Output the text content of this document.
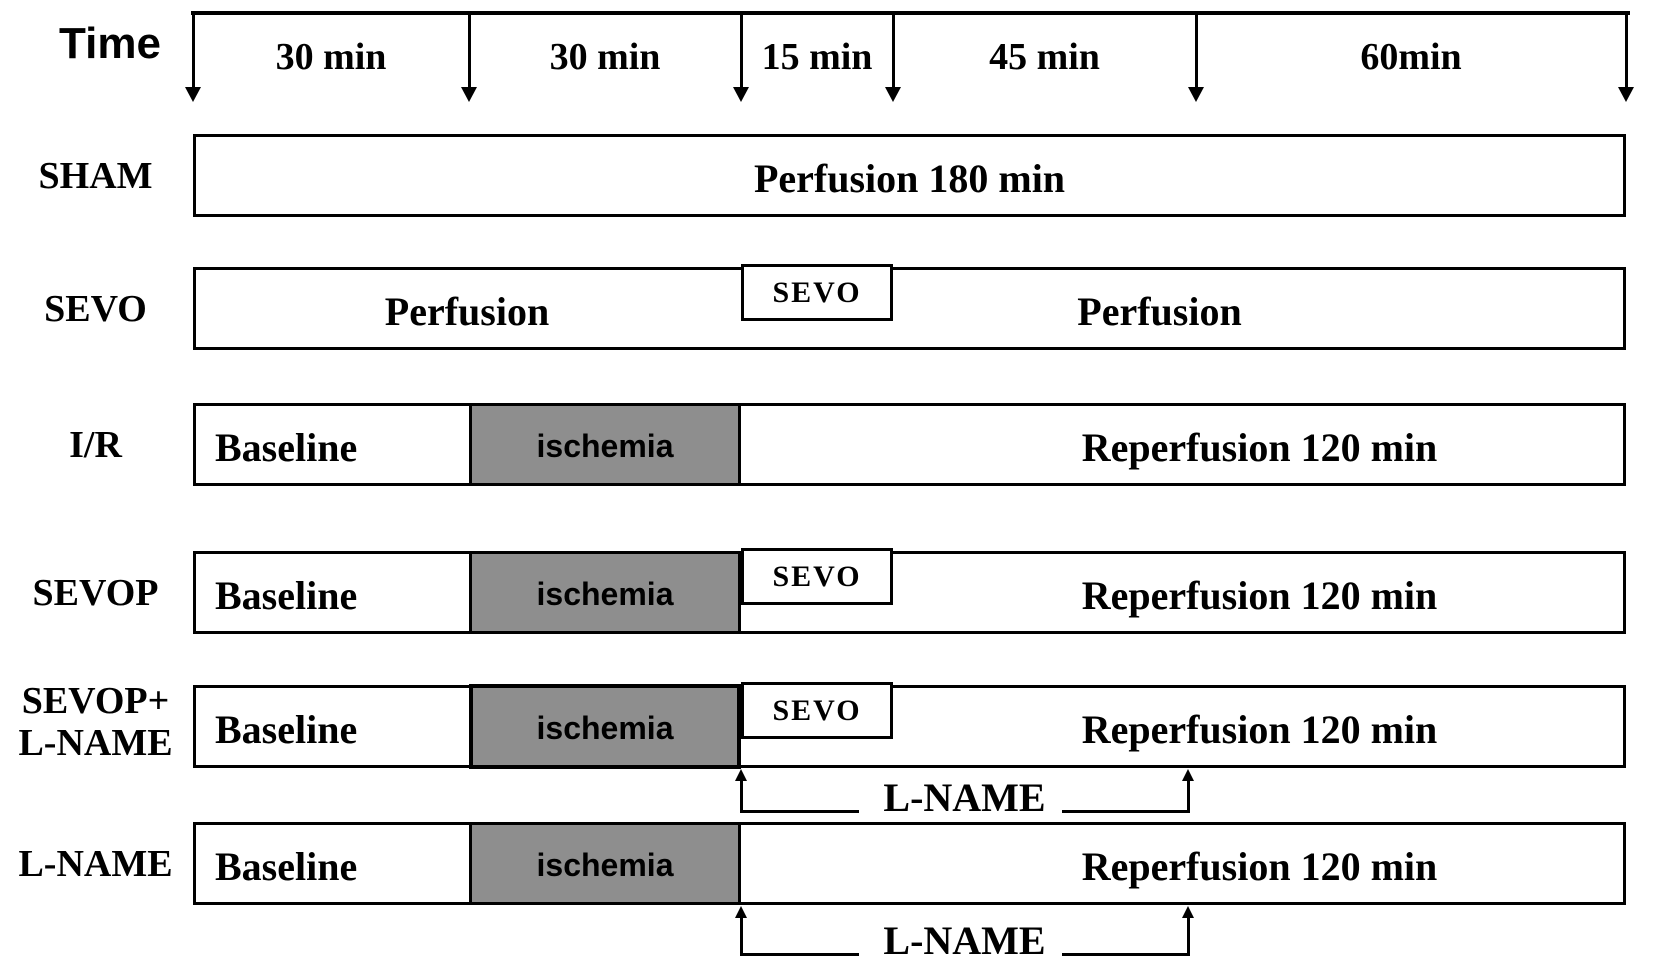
Time	30 min	30 min	15 min	45 min	60min
SHAM	Perfusion 180 min
SEVO	Perfusion	SEVO	Perfusion
I/R	Baseline	ischemia	Reperfusion 120 min
SEVOP	Baseline	ischemia	SEVO	Reperfusion 120 min
SEVOP+
L-NAME	Baseline	ischemia	SEVO	Reperfusion 120 min
L-NAME
L-NAME	Baseline	ischemia	Reperfusion 120 min
L-NAME
